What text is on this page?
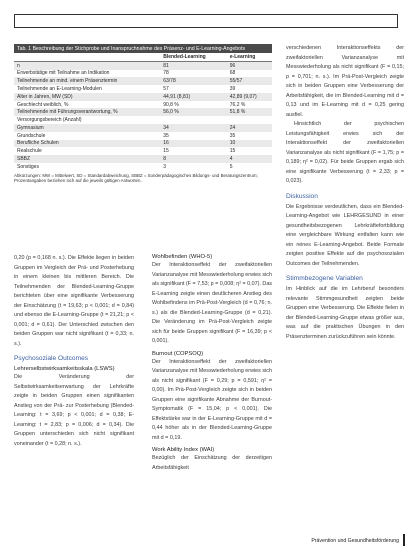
Tab. 1 Beschreibung der Stichprobe und Inanspruchnahme des Präsenz- und E-Learning-Angebots
	Blended-Learning	e-Learning
n	81	96
Erwerbstätige mit Teilnahme an Indikation	78	68
Teilnehmende an mind. einem Präsenztermin	63/78	55/57
Teilnehmende an E-Learning-Modulen	57	39
Alter in Jahren, MW (SD)	44,91 (8,81)	42,89 (9,07)
Geschlecht weiblich, %	90,8 %	76,2 %
Teilnehmende mit Führungsverantwortung, %	56,0 %	51,8 %
Versorgungsbereich (Anzahl)		
Gymnasium	34	24
Grundschule	35	35
Berufliche Schulen	16	10
Realschule	15	15
SBBZ	8	4
Sonstiges	3	5
Abkürzungen: MW = Mittelwert, SD = Standardabweichung, SBBZ = Sonderpädagogisches Bildungs- und Beratungszentrum; Prozentangaben beziehen sich auf die jeweils gültigen Antworten.

0,20 (p = 0,168 n. s.). Die Effekte liegen in beiden Gruppen im Vergleich der Prä- und Posterhebung in einem kleinen bis mittleren Bereich. Die Teilnehmenden der Blended-Learning-Gruppe berichteten über eine signifikante Verbesserung der Einschätzung (t = 19,63; p < 0,001; d = 0,84) und ebenso die E-Learning-Gruppe (t = 21,21; p < 0,001; d = 0,61). Der Unterschied zwischen den beiden Gruppen war nicht signifikant (t = 0,33; n. s.).

Psychosoziale Outcomes
Lehrerselbstwirksamkeitsskala (LSWS)

Die Veränderung der Selbstwirksamkeitserwartung der Lehrkräfte zeigte in beiden Gruppen einen signifikanten Anstieg von der Prä- zur Posterhebung (Blended-Learning: t = 3,69; p < 0,001; d = 0,38; E-Learning: t = 2,83; p = 0,006; d = 0,34). Die Gruppen unterschieden sich nicht signifikant voneinander (t = 0,28; n. s.).

Wohlbefinden (WHO-5)

Der Interaktionseffekt der zweifaktoriellen Varianzanalyse mit Messwiederholung erwies sich als signifikant (F = 7,53; p = 0,008; η² = 0,07). Das E-Learning zeigte einen deutlicheren Anstieg des Wohlbefindens im Prä-Post-Vergleich (d = 0,76; n. s.) als die Blended-Learning-Gruppe (d = 0,21). Die Veränderung im Prä-Post-Vergleich zeigte sich für beide Gruppen signifikant (F = 16,39; p < 0,001).

Burnout (COPSOQ)

Der Interaktionseffekt der zweifaktoriellen Varianzanalyse mit Messwiederholung erwies sich als nicht signifikant (F = 0,29; p = 0,591; η² = 0,00). Im Prä-Post-Vergleich zeigte sich in beiden Gruppen eine signifikante Abnahme der Burnout-Symptomatik (F = 15,04; p < 0,001). Die Effektstärke war in der E-Learning-Gruppe mit d = 0,44 höher als in der Blended-Learning-Gruppe mit d = 0,19.

Work Ability Index (WAI)

Bezüglich der Einschätzung der derzeitigen Arbeitsfähigkeit

verschiedenen Interaktionseffekts der zweifaktoriellen Varianzanalyse mit Messwiederholung als nicht signifikant (F = 0,15; p = 0,701; n. s.). Im Prä-Post-Vergleich zeigte sich in beiden Gruppen eine Verbesserung der Arbeitsfähigkeit, die im Blended-Learning mit d = 0,13 und im E-Learning mit d = 0,25 gering ausfiel.

Hinsichtlich der psychischen Leistungsfähigkeit erwies sich der Interaktionseffekt der zweifaktoriellen Varianzanalyse als nicht signifikant (F = 1,75; p = 0,189; η² = 0,02). Für beide Gruppen ergab sich eine signifikante Verbesserung (t = 2,33; p = 0,023).

Diskussion

Die Ergebnisse verdeutlichen, dass ein Blended-Learning-Angebot wie LEHRGESUND in einer gesundheitsbezogenen Lehrkräftefortbildung eine vergleichbare Wirkung entfalten kann wie ein reines E-Learning-Angebot. Beide Formate zeigten positive Effekte auf die psychosozialen Outcomes der Teilnehmenden.

Stimmbezogene Variablen

Im Hinblick auf die im Lehrberuf besonders relevante Stimmgesundheit zeigten beide Gruppen eine Verbesserung. Die Effekte fielen in der Blended-Learning-Gruppe etwas größer aus, was auf die praktischen Übungen in den Präsenzterminen zurückzuführen sein könnte.

Prävention und Gesundheitsförderung
